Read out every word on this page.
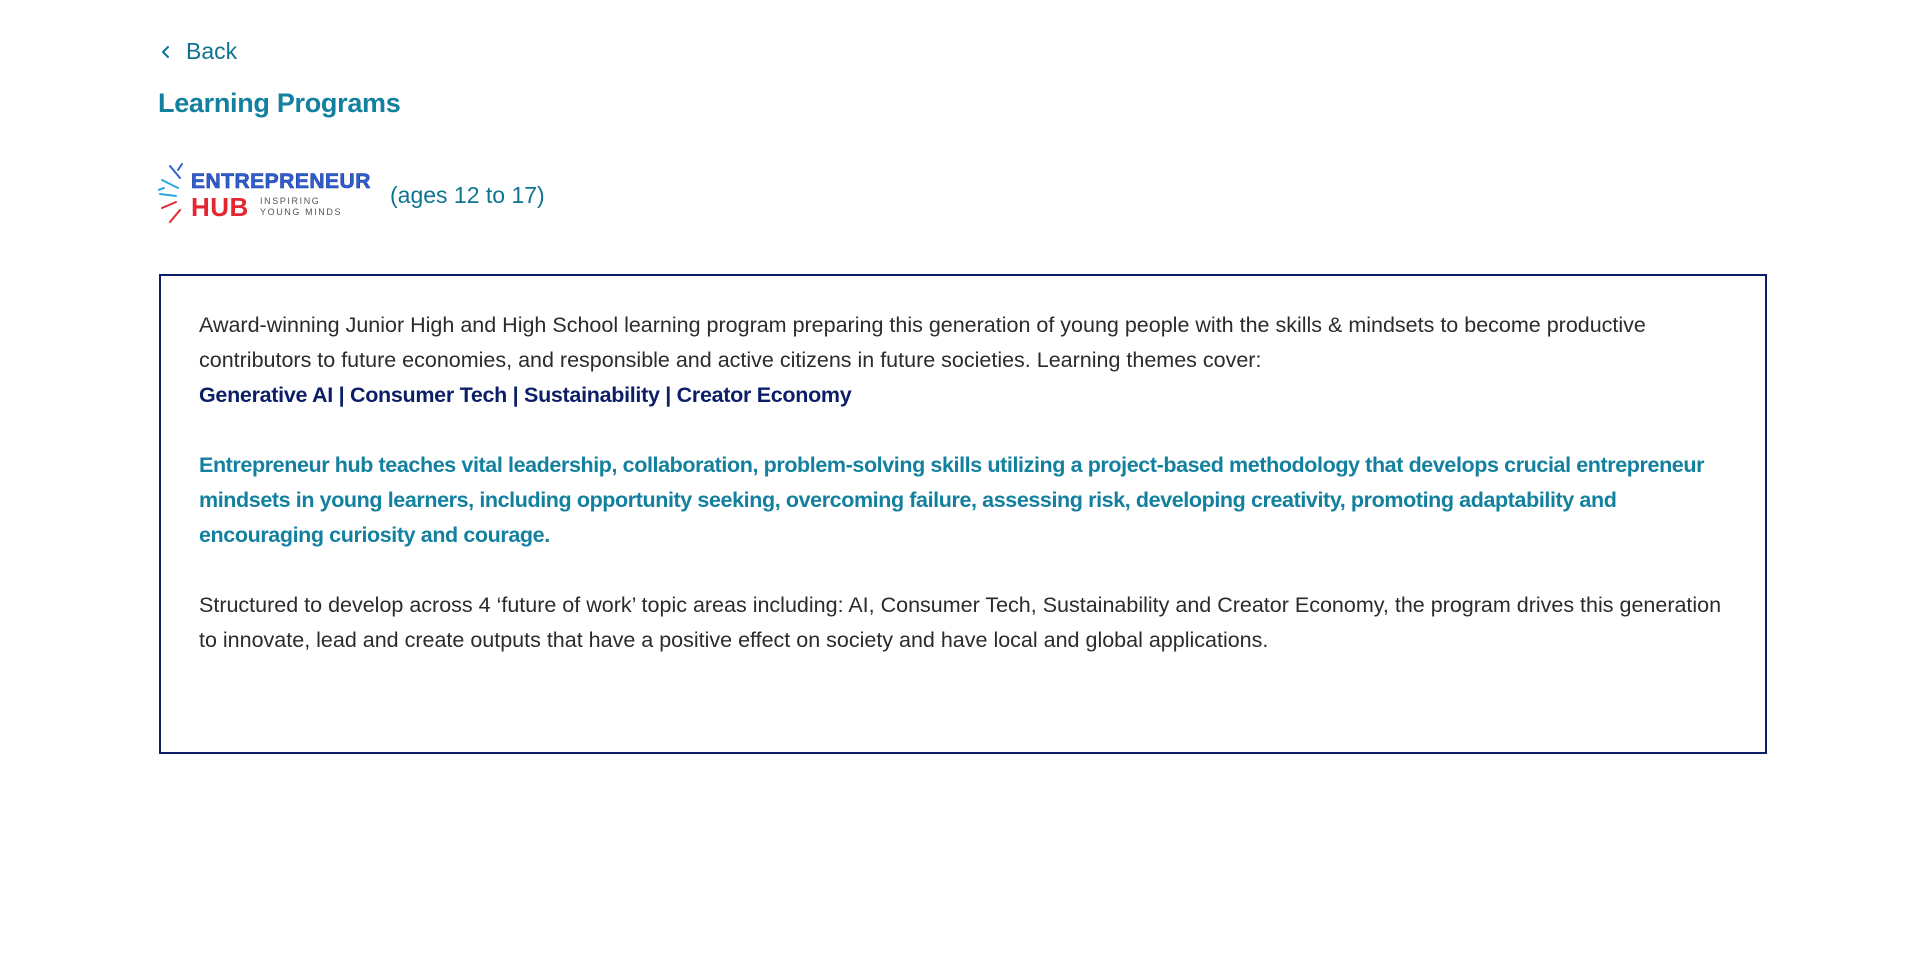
Back
Learning Programs
ENTREPRENEUR
HUB INSPIRING
YOUNG MINDS
(ages 12 to 17)

Award-winning Junior High and High School learning program preparing this generation of young people with the skills & mindsets to become productive contributors to future economies, and responsible and active citizens in future societies. Learning themes cover:

Generative AI | Consumer Tech | Sustainability | Creator Economy

Entrepreneur hub teaches vital leadership, collaboration, problem-solving skills utilizing a project-based methodology that develops crucial entrepreneur mindsets in young learners, including opportunity seeking, overcoming failure, assessing risk, developing creativity, promoting adaptability and encouraging curiosity and courage.

Structured to develop across 4 ‘future of work’ topic areas including: AI, Consumer Tech, Sustainability and Creator Economy, the program drives this generation to innovate, lead and create outputs that have a positive effect on society and have local and global applications.
